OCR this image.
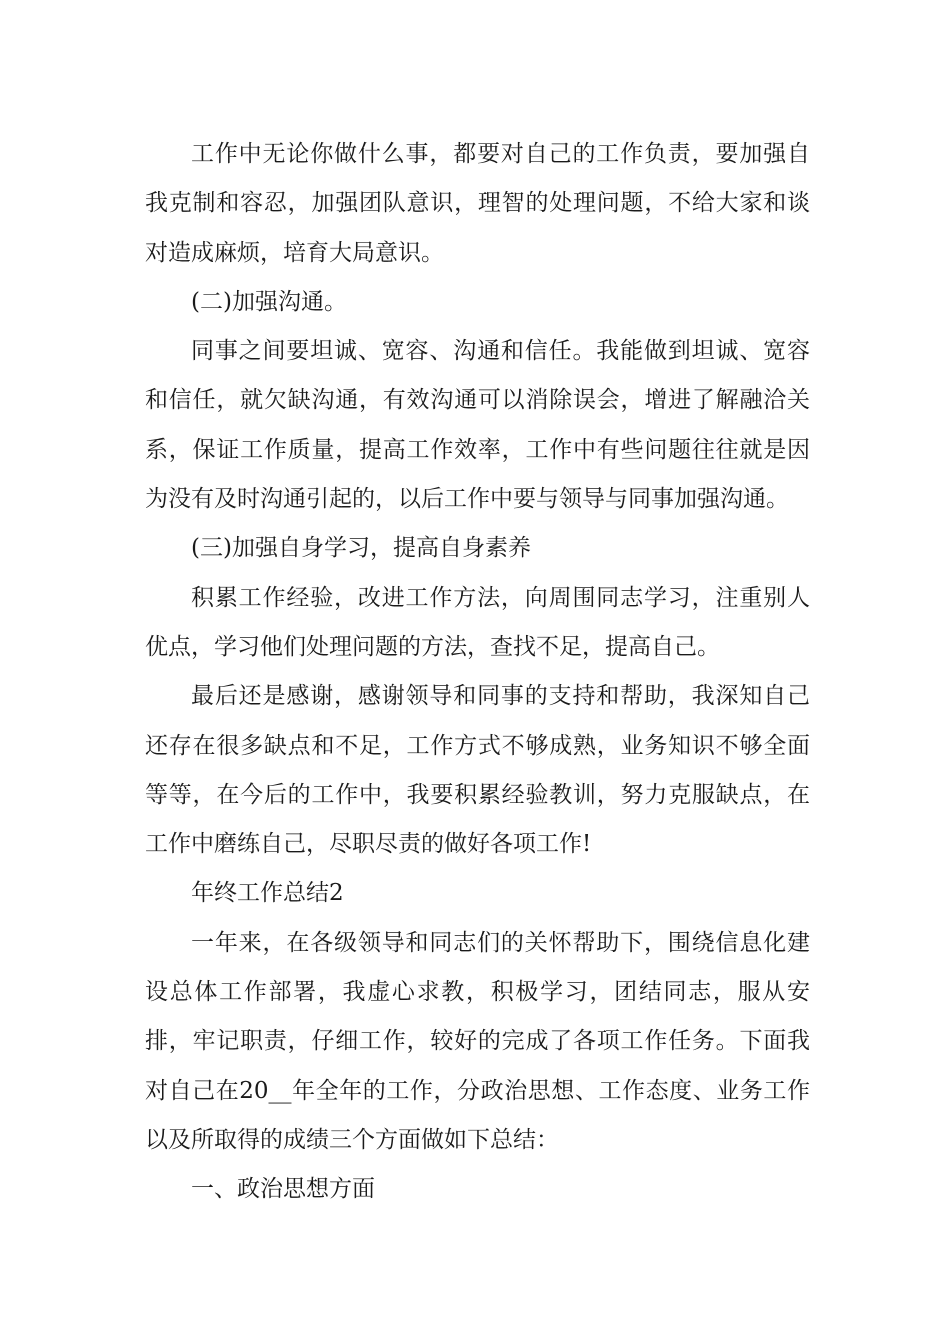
工作中无论你做什么事，都要对自己的工作负责，要加强自我克制和容忍，加强团队意识，理智的处理问题，不给大家和谈对造成麻烦，培育大局意识。

(二)加强沟通。

同事之间要坦诚、宽容、沟通和信任。我能做到坦诚、宽容和信任，就欠缺沟通，有效沟通可以消除误会，增进了解融洽关系，保证工作质量，提高工作效率，工作中有些问题往往就是因为没有及时沟通引起的，以后工作中要与领导与同事加强沟通。

(三)加强自身学习，提高自身素养

积累工作经验，改进工作方法，向周围同志学习，注重别人优点，学习他们处理问题的方法，查找不足，提高自己。

最后还是感谢，感谢领导和同事的支持和帮助，我深知自己还存在很多缺点和不足，工作方式不够成熟，业务知识不够全面等等，在今后的工作中，我要积累经验教训，努力克服缺点，在工作中磨练自己，尽职尽责的做好各项工作!

年终工作总结2

一年来，在各级领导和同志们的关怀帮助下，围绕信息化建设总体工作部署，我虚心求教，积极学习，团结同志，服从安排，牢记职责，仔细工作，较好的完成了各项工作任务。下面我对自己在20__年全年的工作，分政治思想、工作态度、业务工作以及所取得的成绩三个方面做如下总结：

一、政治思想方面
